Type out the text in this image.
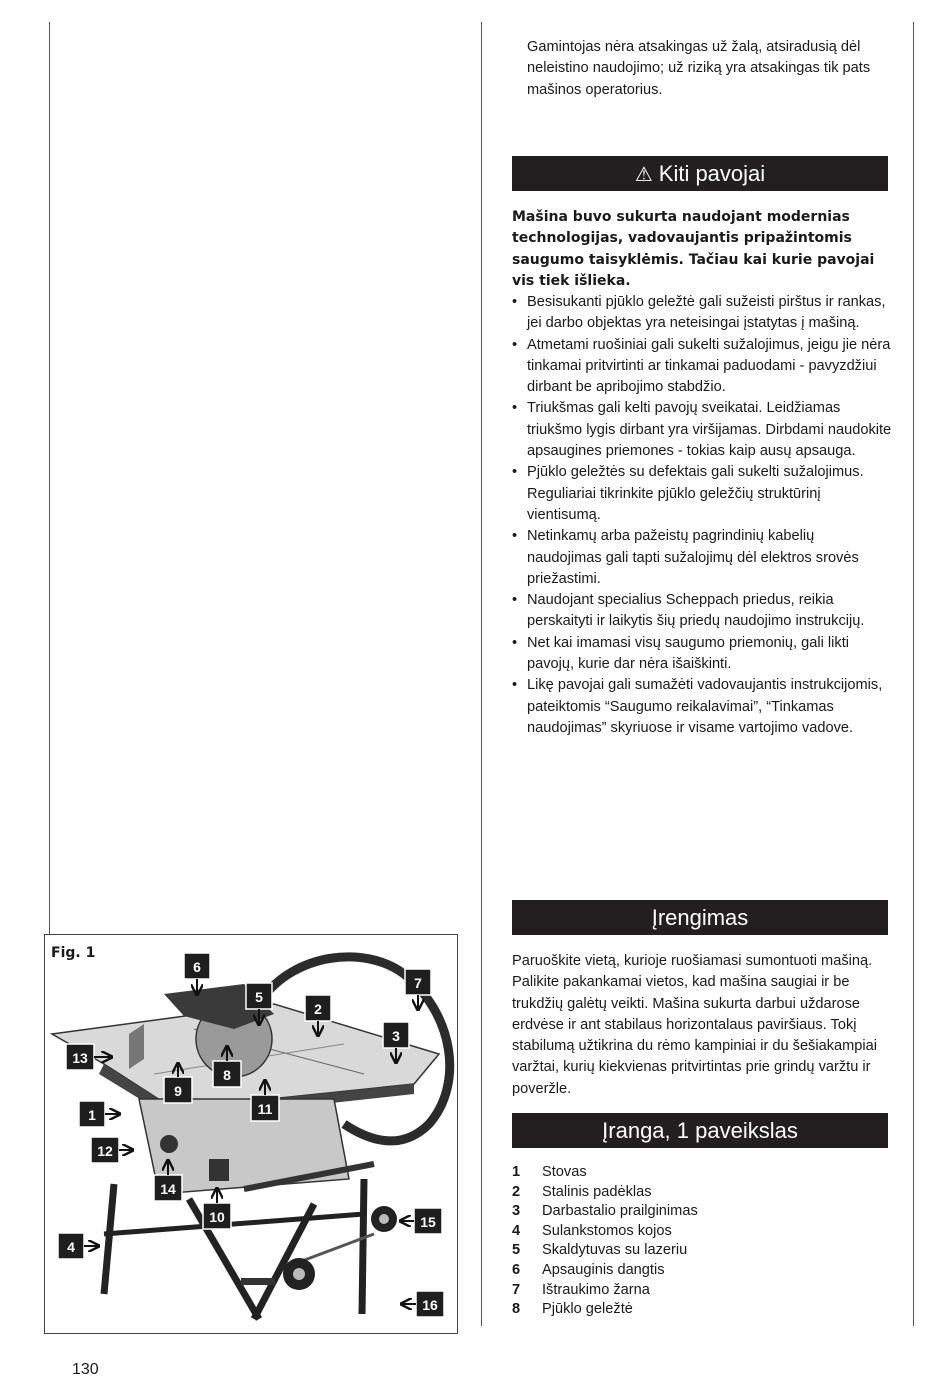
Gamintojas nėra atsakingas už žalą, atsiradusią dėl neleistino naudojimo; už riziką yra atsakingas tik pats mašinos operatorius.
⚠ Kiti pavojai
Mašina buvo sukurta naudojant modernias technologijas, vadovaujantis pripažintomis saugumo taisyklėmis. Tačiau kai kurie pavojai vis tiek išlieka.
• Besisukanti pjūklo geležtė gali sužeisti pirštus ir rankas, jei darbo objektas yra neteisingai įstatytas į mašiną.
• Atmetami ruošiniai gali sukelti sužalojimus, jeigu jie nėra tinkamai pritvirtinti ar tinkamai paduodami - pavyzdžiui dirbant be apribojimo stabdžio.
• Triukšmas gali kelti pavojų sveikatai. Leidžiamas triukšmo lygis dirbant yra viršijamas. Dirbdami naudokite apsaugines priemones - tokias kaip ausų apsauga.
• Pjūklo geležtės su defektais gali sukelti sužalojimus. Reguliariai tikrinkite pjūklo geležčių struktūrinį vientisumą.
• Netinkamų arba pažeistų pagrindinių kabelių naudojimas gali tapti sužalojimų dėl elektros srovės priežastimi.
• Naudojant specialius Scheppach priedus, reikia perskaityti ir laikytis šių priedų naudojimo instrukcijų.
• Net kai imamasi visų saugumo priemonių, gali likti pavojų, kurie dar nėra išaiškinti.
• Likę pavojai gali sumažėti vadovaujantis instrukcijomis, pateiktomis “Saugumo reikalavimai”, “Tinkamas naudojimas” skyriuose ir visame vartojimo vadove.
Įrengimas
Paruoškite vietą, kurioje ruošiamasi sumontuoti mašiną. Palikite pakankamai vietos, kad mašina saugiai ir be trukdžių galėtų veikti. Mašina sukurta darbui uždarose erdvėse ir ant stabilaus horizontalaus paviršiaus. Tokį stabilumą užtikrina du rėmo kampiniai ir du šešiakampiai varžtai, kurių kiekvienas pritvirtintas prie grindų varžtu ir poveržle.
Įranga, 1 paveikslas
1 Stovas
2 Stalinis padėklas
3 Darbastalio prailginimas
4 Sulankstomos kojos
5 Skaldytuvas su lazeriu
6 Apsauginis dangtis
7 Ištraukimo žarna
8 Pjūklo geležtė
Fig. 1
6
5
2
7
3
13
9
8
11
1
12
14
10
4
15
16
130
